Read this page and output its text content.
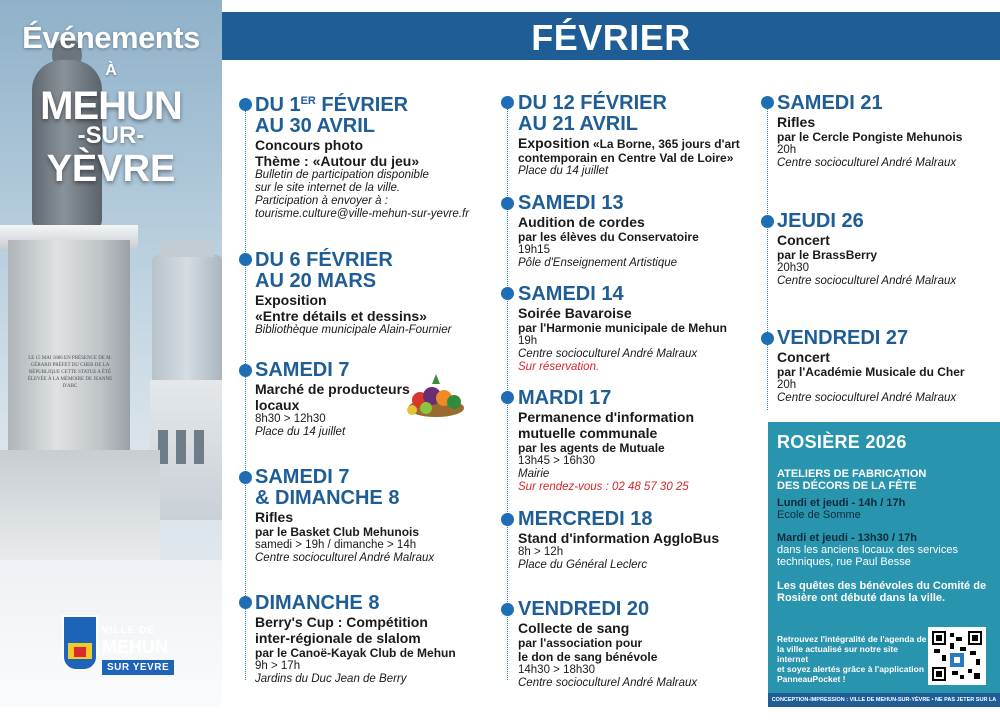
LE 15 MAI 1886 EN PRÉSENCE DE M. GÉRARD PRÉFET DU CHER DE LA RÉPUBLIQUE CETTE STATUE A ÉTÉ ÉLEVÉE À LA MÉMOIRE DE JEANNE D'ARC
Événements
À
MEHUN
-SUR-
YÈVRE
VILLE DE
MEHUN
SUR YEVRE
FÉVRIER
DU 1ER FÉVRIER
AU 30 AVRIL
Concours photo
Thème : «Autour du jeu»
Bulletin de participation disponible
sur le site internet de la ville.
Participation à envoyer à :
tourisme.culture@ville-mehun-sur-yevre.fr
DU 6 FÉVRIER
AU 20 MARS
Exposition
«Entre détails et dessins»
Bibliothèque municipale Alain-Fournier
SAMEDI 7
Marché de producteurs
locaux
8h30 > 12h30
Place du 14 juillet
SAMEDI 7
& DIMANCHE 8
Rifles
par le Basket Club Mehunois
samedi > 19h / dimanche > 14h
Centre socioculturel André Malraux
DIMANCHE 8
Berry's Cup : Compétition
inter-régionale de slalom
par le Canoë-Kayak Club de Mehun
9h > 17h
Jardins du Duc Jean de Berry
DU 12 FÉVRIER
AU 21 AVRIL
Exposition «La Borne, 365 jours d'art
contemporain en Centre Val de Loire»
Place du 14 juillet
SAMEDI 13
Audition de cordes
par les élèves du Conservatoire
19h15
Pôle d'Enseignement Artistique
SAMEDI 14
Soirée Bavaroise
par l'Harmonie municipale de Mehun
19h
Centre socioculturel André Malraux
Sur réservation.
MARDI 17
Permanence d'information
mutuelle communale
par les agents de Mutuale
13h45 > 16h30
Mairie
Sur rendez-vous : 02 48 57 30 25
MERCREDI 18
Stand d'information AggloBus
8h > 12h
Place du Général Leclerc
VENDREDI 20
Collecte de sang
par l'association pour
le don de sang bénévole
14h30 > 18h30
Centre socioculturel André Malraux
SAMEDI 21
Rifles
par le Cercle Pongiste Mehunois
20h
Centre socioculturel André Malraux
JEUDI 26
Concert
par le BrassBerry
20h30
Centre socioculturel André Malraux
VENDREDI 27
Concert
par l'Académie Musicale du Cher
20h
Centre socioculturel André Malraux
ROSIÈRE 2026
ATELIERS DE FABRICATION
DES DÉCORS DE LA FÊTE
Lundi et jeudi - 14h / 17h
Ecole de Somme
Mardi et jeudi - 13h30 / 17h
dans les anciens locaux des services
techniques, rue Paul Besse
Les quêtes des bénévoles du Comité de
Rosière ont débuté dans la ville.
Retrouvez l'intégralité de l'agenda de
la ville actualisé sur notre site internet
et soyez alertés grâce à l'application
PanneauPocket !
CONCEPTION-IMPRESSION : VILLE DE MEHUN-SUR-YÈVRE • NE PAS JETER SUR LA VOIE PUBLIQUE
